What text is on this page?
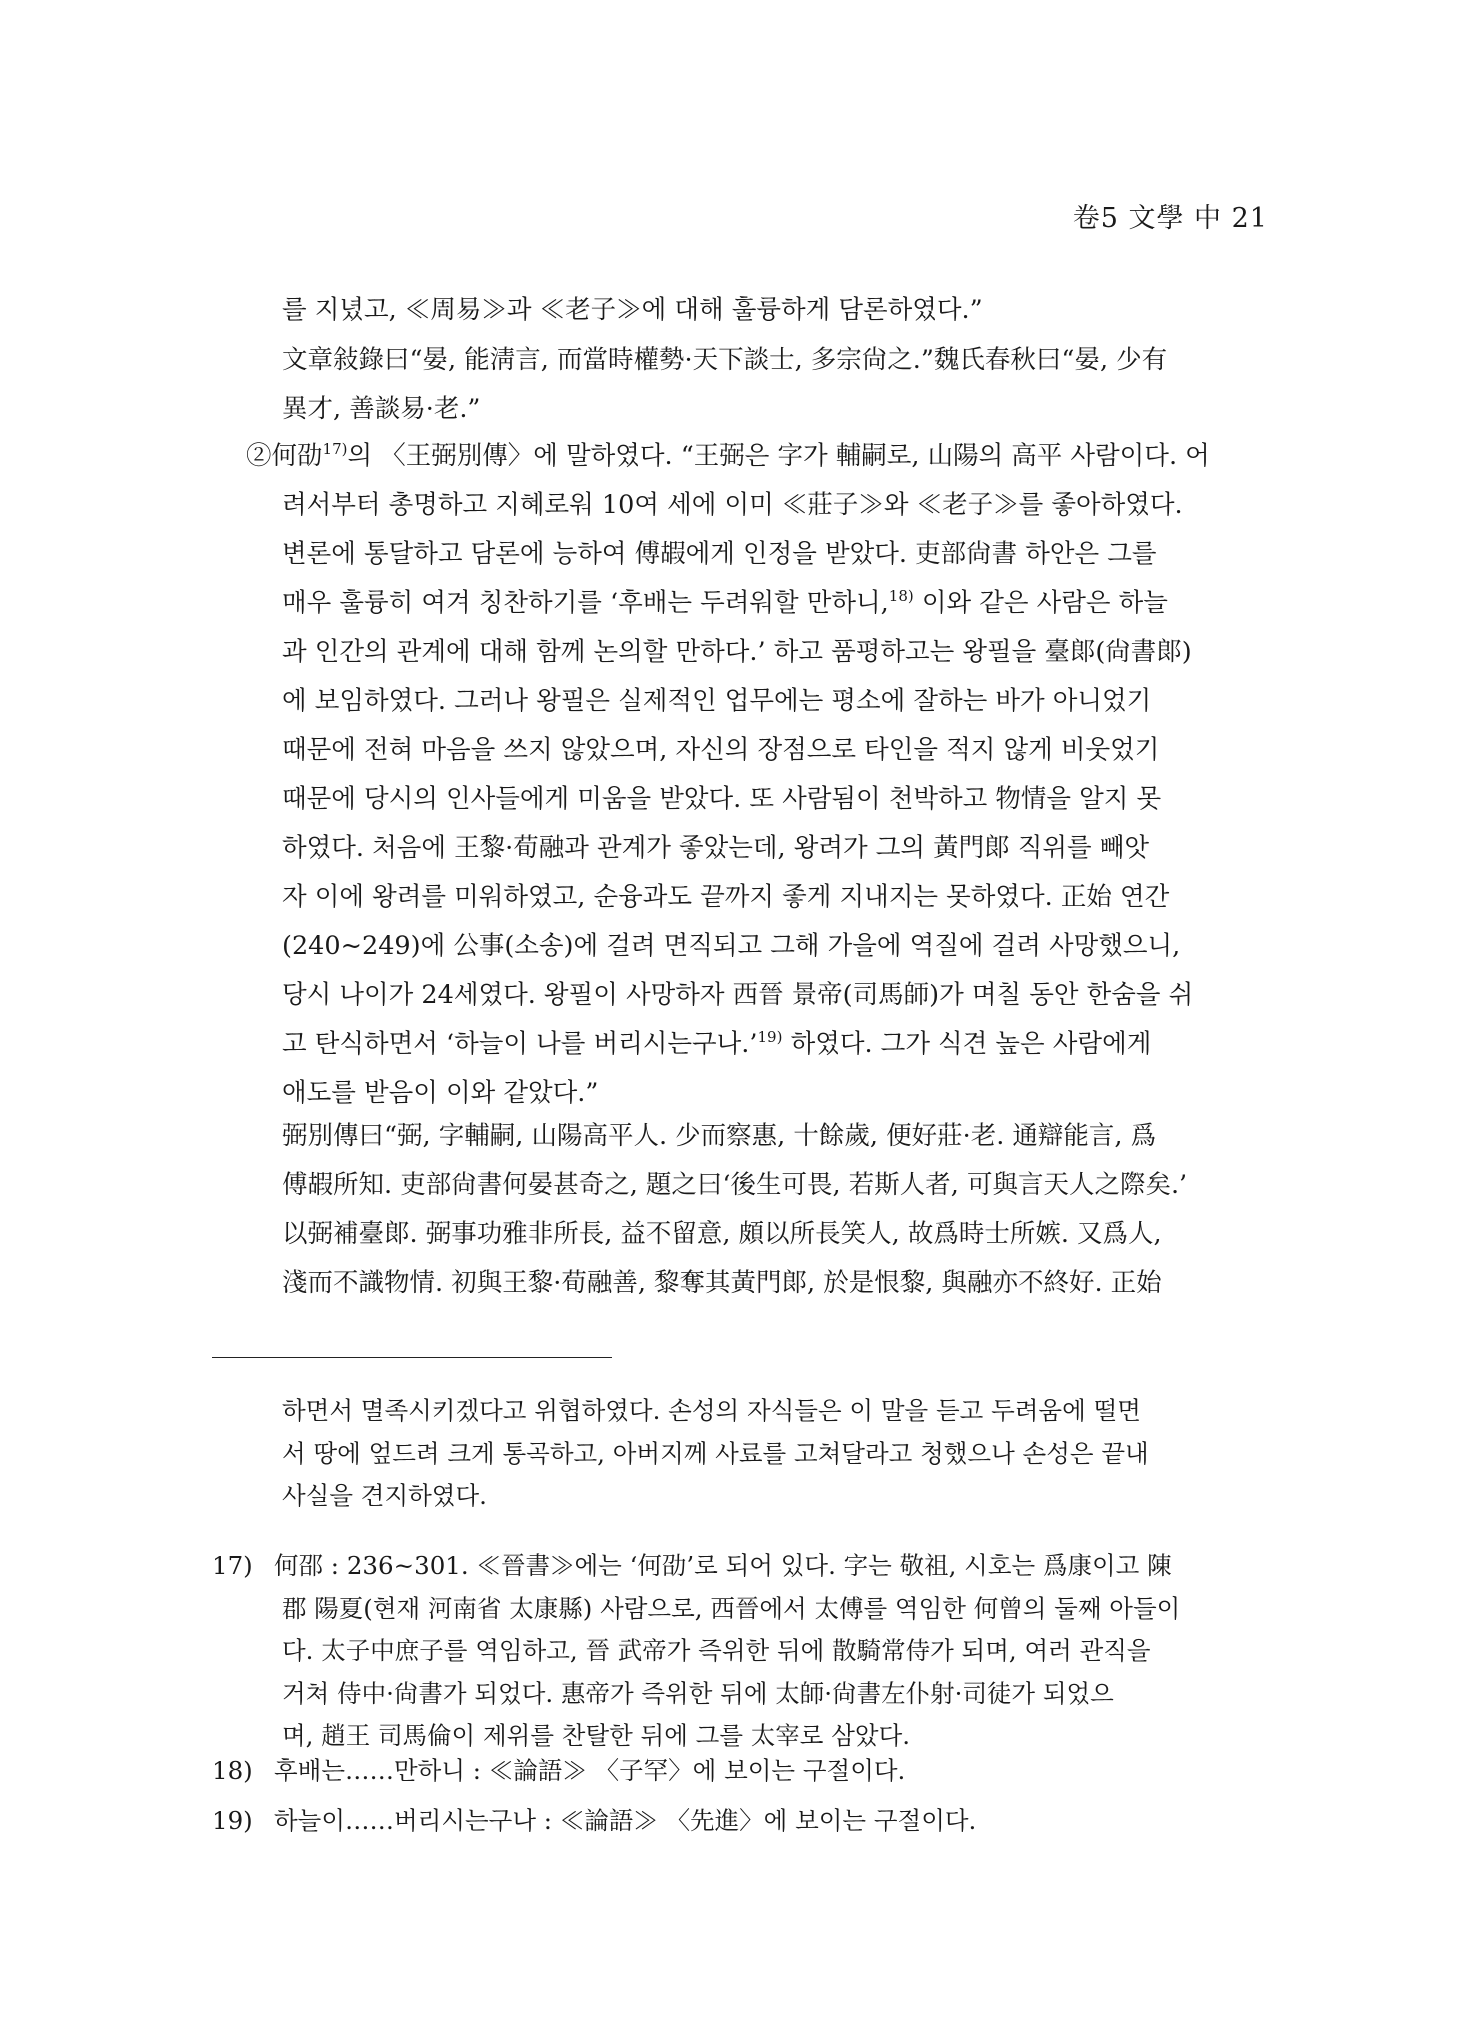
卷5 文學 中 21
를 지녔고, ≪周易≫과 ≪老子≫에 대해 훌륭하게 담론하였다.”
文章敍錄曰“晏, 能淸言, 而當時權勢·天下談士, 多宗尙之.”魏氏春秋曰“晏, 少有
異才, 善談易·老.”
②何劭$^{17)}$의 〈王弼別傳〉에 말하였다. “王弼은 字가 輔嗣로, 山陽의 高平 사람이다. 어
려서부터 총명하고 지혜로워 10여 세에 이미 ≪莊子≫와 ≪老子≫를 좋아하였다.
변론에 통달하고 담론에 능하여 傅嘏에게 인정을 받았다. 吏部尙書 하안은 그를
매우 훌륭히 여겨 칭찬하기를 ‘후배는 두려워할 만하니,$^{18)}$ 이와 같은 사람은 하늘
과 인간의 관계에 대해 함께 논의할 만하다.’ 하고 품평하고는 왕필을 臺郞(尙書郞)
에 보임하였다. 그러나 왕필은 실제적인 업무에는 평소에 잘하는 바가 아니었기
때문에 전혀 마음을 쓰지 않았으며, 자신의 장점으로 타인을 적지 않게 비웃었기
때문에 당시의 인사들에게 미움을 받았다. 또 사람됨이 천박하고 物情을 알지 못
하였다. 처음에 王黎·荀融과 관계가 좋았는데, 왕려가 그의 黃門郞 직위를 빼앗
자 이에 왕려를 미워하였고, 순융과도 끝까지 좋게 지내지는 못하였다. 正始 연간
(240~249)에 公事(소송)에 걸려 면직되고 그해 가을에 역질에 걸려 사망했으니,
당시 나이가 24세였다. 왕필이 사망하자 西晉 景帝(司馬師)가 며칠 동안 한숨을 쉬
고 탄식하면서 ‘하늘이 나를 버리시는구나.’$^{19)}$ 하였다. 그가 식견 높은 사람에게
애도를 받음이 이와 같았다.”
弼別傳曰“弼, 字輔嗣, 山陽高平人. 少而察惠, 十餘歲, 便好莊·老. 通辯能言, 爲
傅嘏所知. 吏部尙書何晏甚奇之, 題之曰‘後生可畏, 若斯人者, 可與言天人之際矣.’
以弼補臺郞. 弼事功雅非所長, 益不留意, 頗以所長笑人, 故爲時士所嫉. 又爲人,
淺而不識物情. 初與王黎·荀融善, 黎奪其黃門郞, 於是恨黎, 與融亦不終好. 正始
하면서 멸족시키겠다고 위협하였다. 손성의 자식들은 이 말을 듣고 두려움에 떨면
서 땅에 엎드려 크게 통곡하고, 아버지께 사료를 고쳐달라고 청했으나 손성은 끝내
사실을 견지하였다.
17) 何邵 : 236~301. ≪晉書≫에는 ‘何劭’로 되어 있다. 字는 敬祖, 시호는 爲康이고 陳
郡 陽夏(현재 河南省 太康縣) 사람으로, 西晉에서 太傅를 역임한 何曾의 둘째 아들이
다. 太子中庶子를 역임하고, 晉 武帝가 즉위한 뒤에 散騎常侍가 되며, 여러 관직을
거쳐 侍中·尙書가 되었다. 惠帝가 즉위한 뒤에 太師·尙書左仆射·司徒가 되었으
며, 趙王 司馬倫이 제위를 찬탈한 뒤에 그를 太宰로 삼았다.
18) 후배는……만하니 : ≪論語≫ 〈子罕〉에 보이는 구절이다.
19) 하늘이……버리시는구나 : ≪論語≫ 〈先進〉에 보이는 구절이다.
